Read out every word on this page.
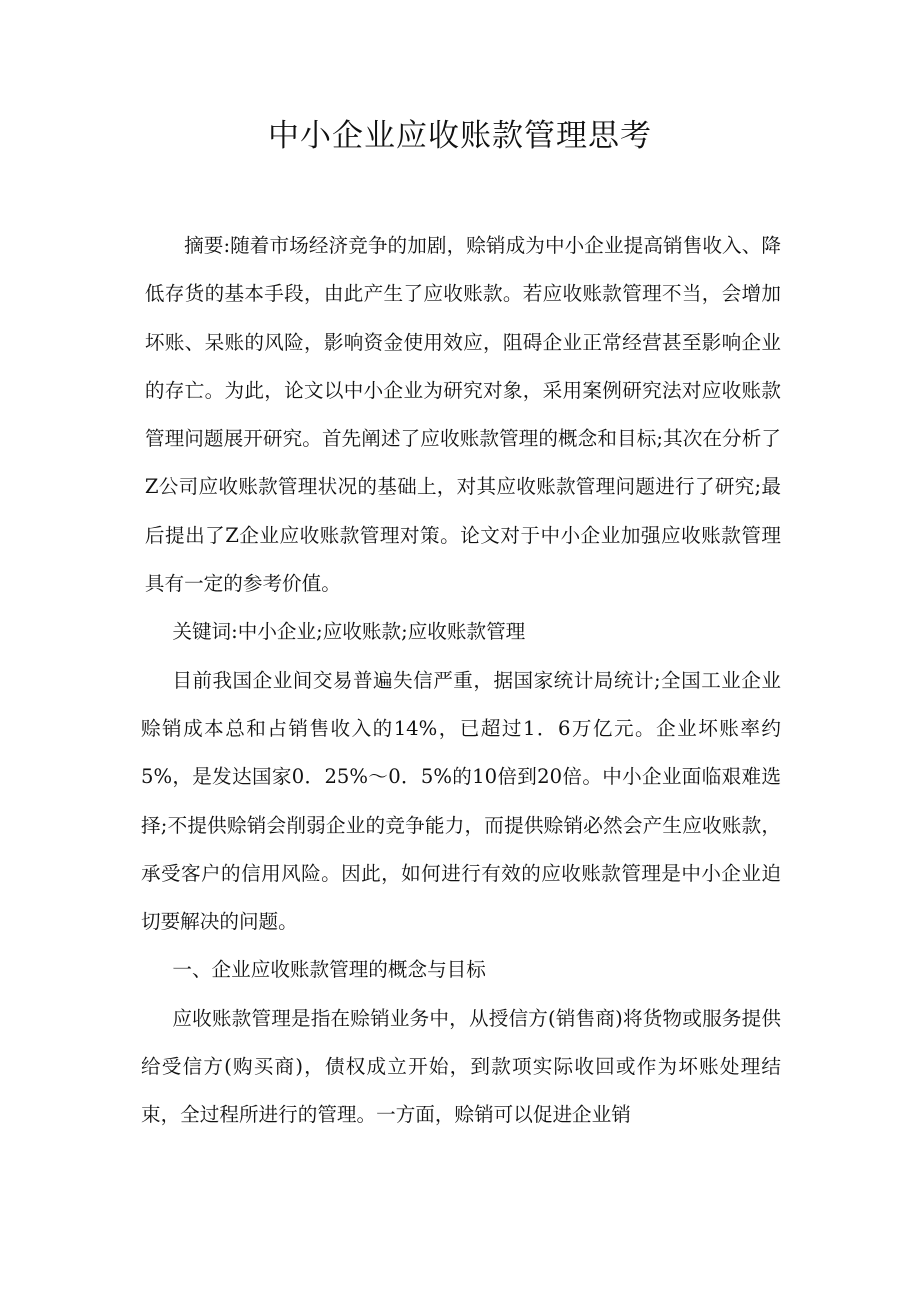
中小企业应收账款管理思考

摘要:随着市场经济竞争的加剧，赊销成为中小企业提高销售收入、降低存货的基本手段，由此产生了应收账款。若应收账款管理不当，会增加坏账、呆账的风险，影响资金使用效应，阻碍企业正常经营甚至影响企业的存亡。为此，论文以中小企业为研究对象，采用案例研究法对应收账款管理问题展开研究。首先阐述了应收账款管理的概念和目标;其次在分析了Z公司应收账款管理状况的基础上，对其应收账款管理问题进行了研究;最后提出了Z企业应收账款管理对策。论文对于中小企业加强应收账款管理具有一定的参考价值。

关键词:中小企业;应收账款;应收账款管理

目前我国企业间交易普遍失信严重，据国家统计局统计;全国工业企业赊销成本总和占销售收入的14%，已超过1．6万亿元。企业坏账率约5%，是发达国家0．25%～0．5%的10倍到20倍。中小企业面临艰难选择;不提供赊销会削弱企业的竞争能力，而提供赊销必然会产生应收账款，承受客户的信用风险。因此，如何进行有效的应收账款管理是中小企业迫切要解决的问题。

一、企业应收账款管理的概念与目标

应收账款管理是指在赊销业务中，从授信方(销售商)将货物或服务提供给受信方(购买商)，债权成立开始，到款项实际收回或作为坏账处理结束，全过程所进行的管理。一方面，赊销可以促进企业销
